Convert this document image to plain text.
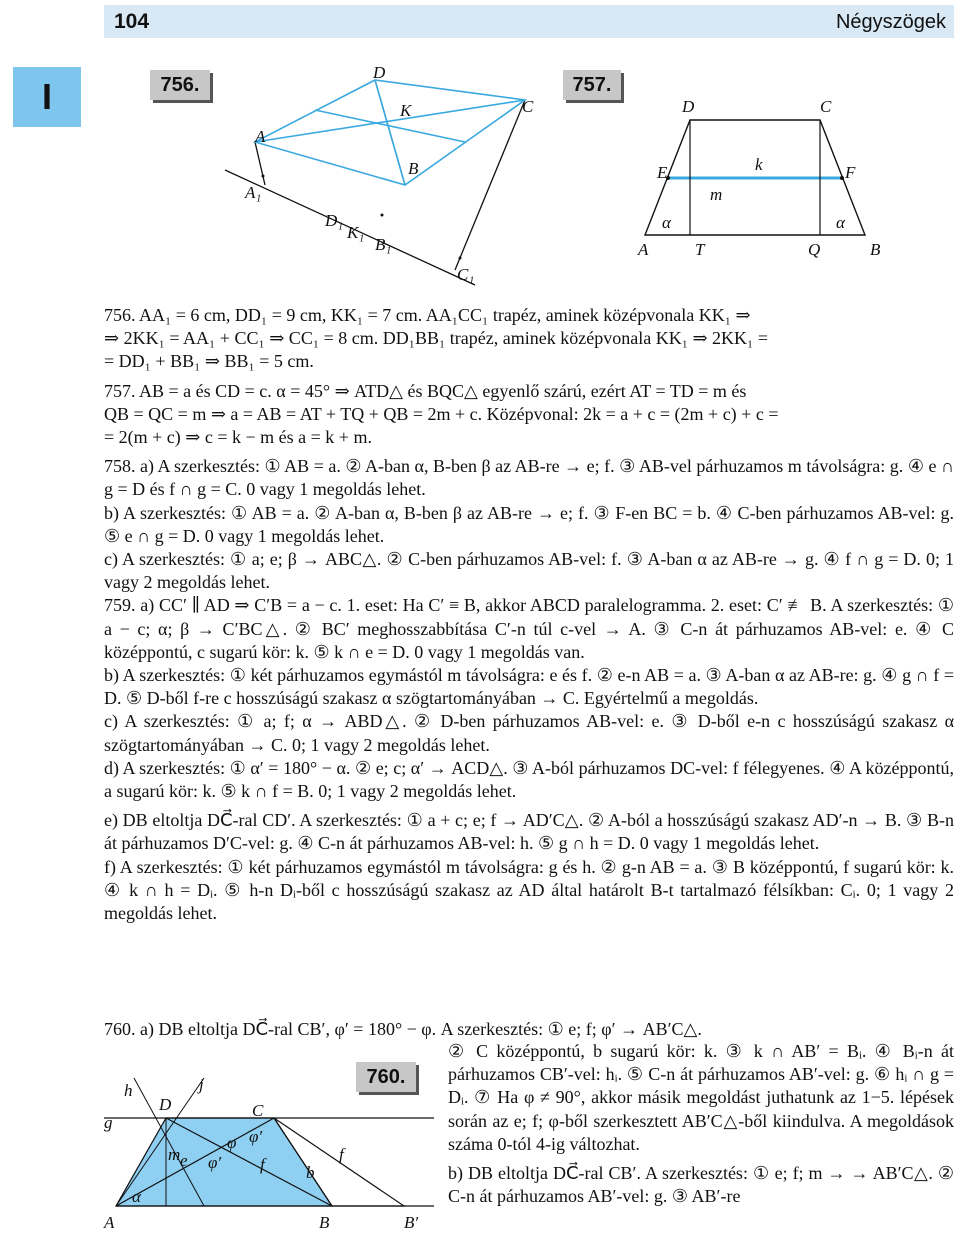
104	Négyszögek
I	756.	757.
D
K	C
A
B
A₁
D₁
K₁
B₁
C₁
D	C
E	k	F
m
α	α
A	T	Q	B

756. AA₁ = 6 cm, DD₁ = 9 cm, KK₁ = 7 cm. AA₁CC₁ trapéz, aminek középvonala KK₁ ⇒

⇒ 2KK₁ = AA₁ + CC₁ ⇒ CC₁ = 8 cm. DD₁BB₁ trapéz, aminek középvonala KK₁ ⇒ 2KK₁ =

= DD₁ + BB₁ ⇒ BB₁ = 5 cm.

757. AB = a és CD = c. α = 45° ⇒ ATD△ és BQC△ egyenlő szárú, ezért AT = TD = m és

QB = QC = m ⇒ a = AB = AT + TQ + QB = 2m + c. Középvonal: 2k = a + c = (2m + c) + c =

= 2(m + c) ⇒ c = k − m és a = k + m.

758. a) A szerkesztés: ① AB = a. ② A-ban α, B-ben β az AB-re → e; f. ③ AB-vel párhuzamos m távolságra: g. ④ e ∩ g = D és f ∩ g = C. 0 vagy 1 megoldás lehet.

b) A szerkesztés: ① AB = a. ② A-ban α, B-ben β az AB-re → e; f. ③ F-en BC = b. ④ C-ben párhuzamos AB-vel: g. ⑤ e ∩ g = D. 0 vagy 1 megoldás lehet.

c) A szerkesztés: ① a; e; β → ABC△. ② C-ben párhuzamos AB-vel: f. ③ A-ban α az AB-re → g. ④ f ∩ g = D. 0; 1 vagy 2 megoldás lehet.

759. a) CC′ ∥ AD ⇒ C′B = a − c. 1. eset: Ha C′ ≡ B, akkor ABCD paralelogramma. 2. eset: C′ ≢ B. A szerkesztés: ① a − c; α; β → C′BC△. ② BC′ meghosszabbítása C′-n túl c-vel → A. ③ C-n át párhuzamos AB-vel: e. ④ C középpontú, c sugarú kör: k. ⑤ k ∩ e = D. 0 vagy 1 megoldás van.

b) A szerkesztés: ① két párhuzamos egymástól m távolságra: e és f. ② e-n AB = a. ③ A-ban α az AB-re: g. ④ g ∩ f = D. ⑤ D-ből f-re c hosszúságú szakasz α szögtartományában → C. Egyértelmű a megoldás.

c) A szerkesztés: ① a; f; α → ABD△. ② D-ben párhuzamos AB-vel: e. ③ D-ből e-n c hosszúságú szakasz α szögtartományában → C. 0; 1 vagy 2 megoldás lehet.

d) A szerkesztés: ① α′ = 180° − α. ② e; c; α′ → ACD△. ③ A-ból párhuzamos DC-vel: f félegyenes. ④ A középpontú, a sugarú kör: k. ⑤ k ∩ f = B. 0; 1 vagy 2 megoldás lehet.

e) DB eltoltja DC⃗-ral CD′. A szerkesztés: ① a + c; e; f → AD′C△. ② A-ból a hosszúságú szakasz AD′-n → B. ③ B-n át párhuzamos D′C-vel: g. ④ C-n át párhuzamos AB-vel: h. ⑤ g ∩ h = D. 0 vagy 1 megoldás lehet.

f) A szerkesztés: ① két párhuzamos egymástól m távolságra: g és h. ② g-n AB = a. ③ B középpontú, f sugarú kör: k. ④ k ∩ h = Dᵢ. ⑤ h-n Dᵢ-ből c hosszúságú szakasz az AD által határolt B-t tartalmazó félsíkban: Cᵢ. 0; 1 vagy 2 megoldás lehet.

760. a) DB eltoltja DC⃗-ral CB′, φ′ = 180° − φ. A szerkesztés: ① e; f; φ′ → AB′C△.
760.
h	j
g
D	C
φ′
φ
m e φ′ f b
f
α
A	B	B′
② C középpontú, b sugarú kör: k. ③ k ∩ AB′ = Bᵢ. ④ Bᵢ-n át párhuzamos CB′-vel: hᵢ. ⑤ C-n át párhuzamos AB′-vel: g. ⑥ hᵢ ∩ g = Dᵢ. ⑦ Ha φ ≠ 90°, akkor másik megoldást juthatunk az 1−5. lépések során az e; f; φ-ből szerkesztett AB′C△-ből kiindulva. A megoldások száma 0-tól 4-ig változhat.
b) DB eltoltja DC⃗-ral CB′. A szerkesztés: ① e; f; m → → AB′C△. ② C-n át párhuzamos AB′-vel: g. ③ AB′-re
